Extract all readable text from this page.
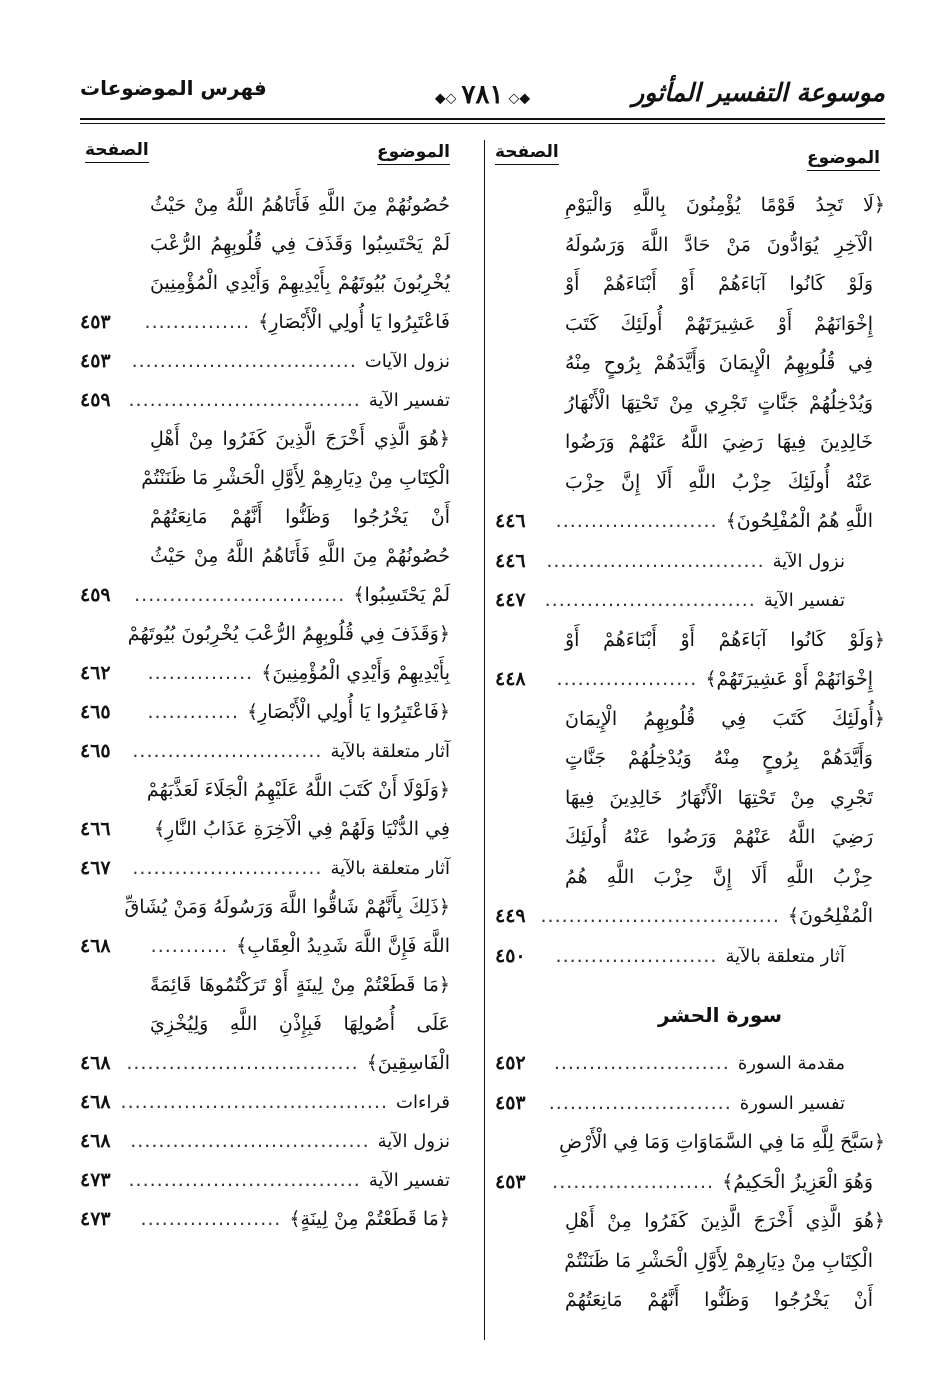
موسوعة التفسير المأثور
◆◇ ٧٨١ ◇◆
فهرس الموضوعات
الموضوع
الصفحة
﴿لَا تَجِدُ قَوْمًا يُؤْمِنُونَ بِاللَّهِ وَالْيَوْمِ
الْآخِرِ يُوَادُّونَ مَنْ حَادَّ اللَّهَ وَرَسُولَهُ
وَلَوْ كَانُوا آبَاءَهُمْ أَوْ أَبْنَاءَهُمْ أَوْ
إِخْوَانَهُمْ أَوْ عَشِيرَتَهُمْ أُولَئِكَ كَتَبَ
فِي قُلُوبِهِمُ الْإِيمَانَ وَأَيَّدَهُمْ بِرُوحٍ مِنْهُ
وَيُدْخِلُهُمْ جَنَّاتٍ تَجْرِي مِنْ تَحْتِهَا الْأَنْهَارُ
خَالِدِينَ فِيهَا رَضِيَ اللَّهُ عَنْهُمْ وَرَضُوا
عَنْهُ أُولَئِكَ حِزْبُ اللَّهِ أَلَا إِنَّ حِزْبَ
اللَّهِ هُمُ الْمُفْلِحُونَ﴾
.......................
٤٤٦
نزول الآية
...............................
٤٤٦
تفسير الآية
..............................
٤٤٧
﴿وَلَوْ كَانُوا آبَاءَهُمْ أَوْ أَبْنَاءَهُمْ أَوْ
إِخْوَانَهُمْ أَوْ عَشِيرَتَهُمْ﴾
....................
٤٤٨
﴿أُولَئِكَ كَتَبَ فِي قُلُوبِهِمُ الْإِيمَانَ
وَأَيَّدَهُمْ بِرُوحٍ مِنْهُ وَيُدْخِلُهُمْ جَنَّاتٍ
تَجْرِي مِنْ تَحْتِهَا الْأَنْهَارُ خَالِدِينَ فِيهَا
رَضِيَ اللَّهُ عَنْهُمْ وَرَضُوا عَنْهُ أُولَئِكَ
حِزْبُ اللَّهِ أَلَا إِنَّ حِزْبَ اللَّهِ هُمُ
الْمُفْلِحُونَ﴾
..................................
٤٤٩
آثار متعلقة بالآية
.......................
٤٥٠
سورة الحشر
مقدمة السورة
.........................
٤٥٢
تفسير السورة
..........................
٤٥٣
﴿سَبَّحَ لِلَّهِ مَا فِي السَّمَاوَاتِ وَمَا فِي الْأَرْضِ
وَهُوَ الْعَزِيزُ الْحَكِيمُ﴾
.......................
٤٥٣
﴿هُوَ الَّذِي أَخْرَجَ الَّذِينَ كَفَرُوا مِنْ أَهْلِ
الْكِتَابِ مِنْ دِيَارِهِمْ لِأَوَّلِ الْحَشْرِ مَا ظَنَنْتُمْ
أَنْ يَخْرُجُوا وَظَنُّوا أَنَّهُمْ مَانِعَتُهُمْ
الموضوع
الصفحة
حُصُونُهُمْ مِنَ اللَّهِ فَأَتَاهُمُ اللَّهُ مِنْ حَيْثُ
لَمْ يَحْتَسِبُوا وَقَذَفَ فِي قُلُوبِهِمُ الرُّعْبَ
يُخْرِبُونَ بُيُوتَهُمْ بِأَيْدِيهِمْ وَأَيْدِي الْمُؤْمِنِينَ
فَاعْتَبِرُوا يَا أُولِي الْأَبْصَارِ﴾
...............
٤٥٣
نزول الآيات
................................
٤٥٣
تفسير الآية
.................................
٤٥٩
﴿هُوَ الَّذِي أَخْرَجَ الَّذِينَ كَفَرُوا مِنْ أَهْلِ
الْكِتَابِ مِنْ دِيَارِهِمْ لِأَوَّلِ الْحَشْرِ مَا ظَنَنْتُمْ
أَنْ يَخْرُجُوا وَظَنُّوا أَنَّهُمْ مَانِعَتُهُمْ
حُصُونُهُمْ مِنَ اللَّهِ فَأَتَاهُمُ اللَّهُ مِنْ حَيْثُ
لَمْ يَحْتَسِبُوا﴾
..............................
٤٥٩
﴿وَقَذَفَ فِي قُلُوبِهِمُ الرُّعْبَ يُخْرِبُونَ بُيُوتَهُمْ
بِأَيْدِيهِمْ وَأَيْدِي الْمُؤْمِنِينَ﴾
...............
٤٦٢
﴿فَاعْتَبِرُوا يَا أُولِي الْأَبْصَارِ﴾
.............
٤٦٥
آثار متعلقة بالآية
...........................
٤٦٥
﴿وَلَوْلَا أَنْ كَتَبَ اللَّهُ عَلَيْهِمُ الْجَلَاءَ لَعَذَّبَهُمْ
فِي الدُّنْيَا وَلَهُمْ فِي الْآخِرَةِ عَذَابُ النَّارِ﴾
٤٦٦
آثار متعلقة بالآية
...........................
٤٦٧
﴿ذَلِكَ بِأَنَّهُمْ شَاقُّوا اللَّهَ وَرَسُولَهُ وَمَنْ يُشَاقِّ
اللَّهَ فَإِنَّ اللَّهَ شَدِيدُ الْعِقَابِ﴾
...........
٤٦٨
﴿مَا قَطَعْتُمْ مِنْ لِينَةٍ أَوْ تَرَكْتُمُوهَا قَائِمَةً
عَلَى أُصُولِهَا فَبِإِذْنِ اللَّهِ وَلِيُخْزِيَ
الْفَاسِقِينَ﴾
.................................
٤٦٨
قراءات
......................................
٤٦٨
نزول الآية
..................................
٤٦٨
تفسير الآية
.................................
٤٧٣
﴿مَا قَطَعْتُمْ مِنْ لِينَةٍ﴾
....................
٤٧٣
